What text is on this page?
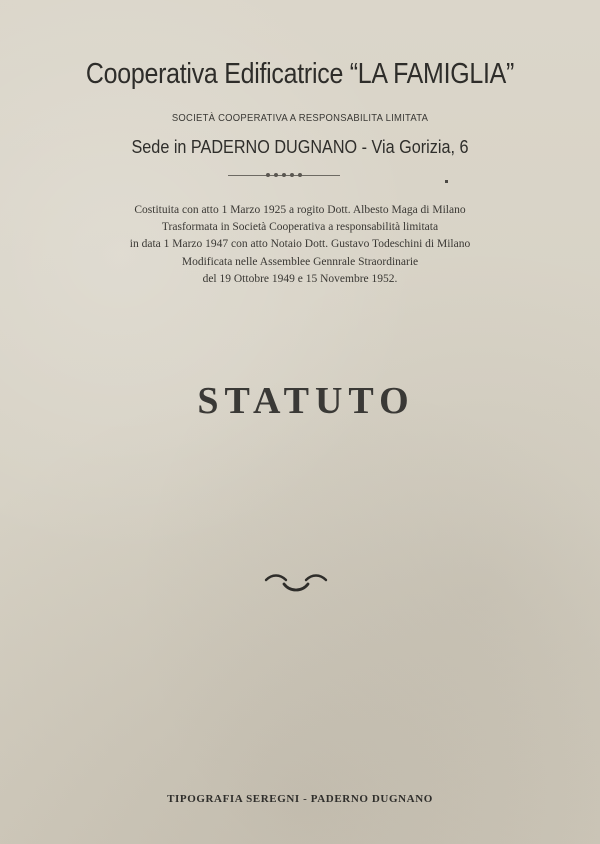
Cooperativa Edificatrice “LA FAMIGLIA”
SOCIETÀ COOPERATIVA A RESPONSABILITA LIMITATA
Sede in PADERNO DUGNANO - Via Gorizia, 6
Costituita con atto 1 Marzo 1925 a rogito Dott. Albesto Maga di Milano
Trasformata in Società Cooperativa a responsabilità limitata
in data 1 Marzo 1947 con atto Notaio Dott. Gustavo Todeschini di Milano
Modificata nelle Assemblee Gennrale Straordinarie
del 19 Ottobre 1949 e 15 Novembre 1952.
STATUTO
TIPOGRAFIA SEREGNI - PADERNO DUGNANO
